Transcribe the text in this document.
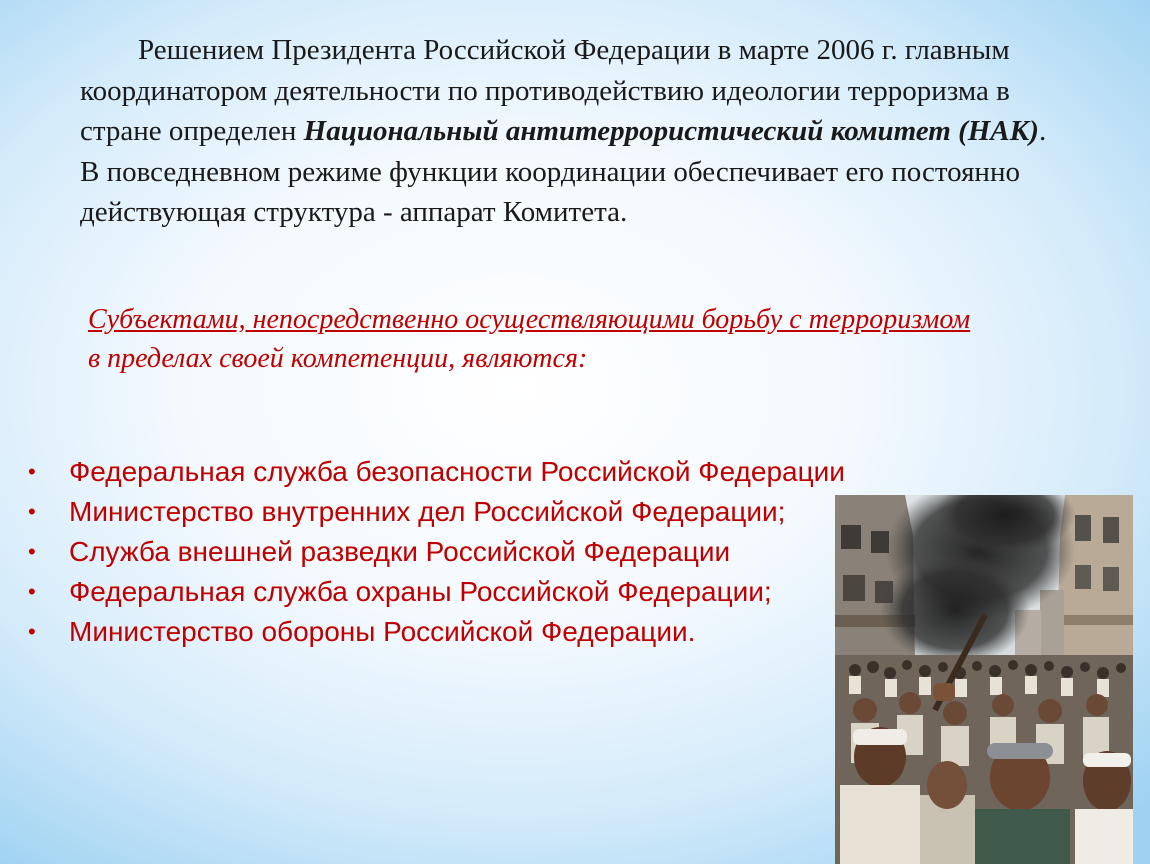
Решением Президента Российской Федерации в марте 2006 г. главным координатором деятельности по противодействию идеологии терроризма в стране определен Национальный антитеррористический комитет (НАК). В повседневном режиме функции координации обеспечивает его постоянно действующая структура - аппарат Комитета.

Субъектами, непосредственно осуществляющими борьбу с терроризмом в пределах своей компетенции, являются:

• Федеральная служба безопасности Российской Федерации
• Министерство внутренних дел Российской Федерации;
• Служба внешней разведки Российской Федерации
• Федеральная служба охраны Российской Федерации;
• Министерство обороны Российской Федерации.
